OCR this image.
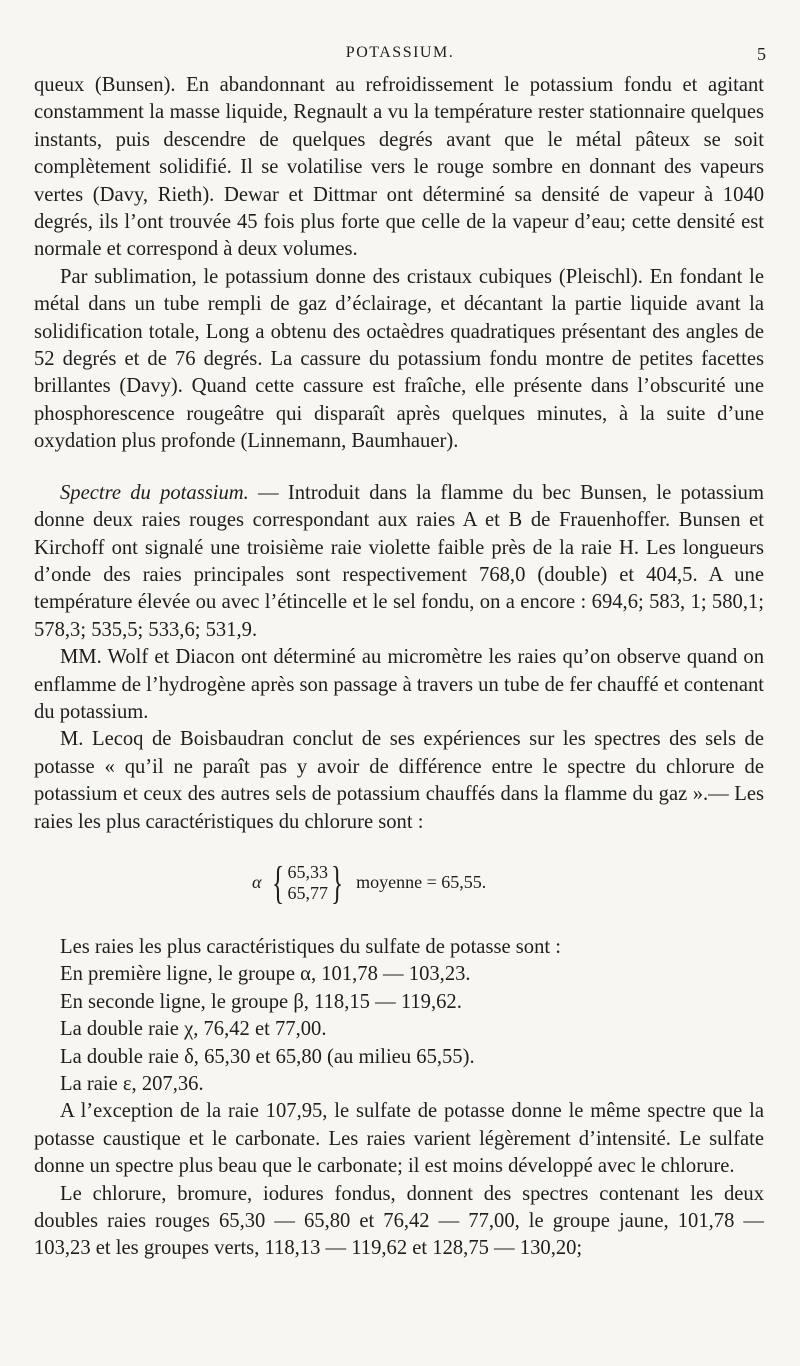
POTASSIUM.	5

queux (Bunsen). En abandonnant au refroidissement le potassium fondu et agitant constamment la masse liquide, Regnault a vu la température rester stationnaire quelques instants, puis descendre de quelques degrés avant que le métal pâteux se soit complètement solidifié. Il se volatilise vers le rouge sombre en donnant des vapeurs vertes (Davy, Rieth). Dewar et Dittmar ont déterminé sa densité de vapeur à 1040 degrés, ils l’ont trouvée 45 fois plus forte que celle de la vapeur d’eau; cette densité est normale et correspond à deux volumes.

Par sublimation, le potassium donne des cristaux cubiques (Pleischl). En fondant le métal dans un tube rempli de gaz d’éclairage, et décantant la partie liquide avant la solidification totale, Long a obtenu des octaèdres quadratiques présentant des angles de 52 degrés et de 76 degrés. La cassure du potassium fondu montre de petites facettes brillantes (Davy). Quand cette cassure est fraîche, elle présente dans l’obscurité une phosphorescence rougeâtre qui disparaît après quelques minutes, à la suite d’une oxydation plus profonde (Linnemann, Baumhauer).

Spectre du potassium. — Introduit dans la flamme du bec Bunsen, le potassium donne deux raies rouges correspondant aux raies A et B de Frauenhoffer. Bunsen et Kirchoff ont signalé une troisième raie violette faible près de la raie H. Les longueurs d’onde des raies principales sont respectivement 768,0 (double) et 404,5. A une température élevée ou avec l’étincelle et le sel fondu, on a encore : 694,6; 583, 1; 580,1; 578,3; 535,5; 533,6; 531,9.

MM. Wolf et Diacon ont déterminé au micromètre les raies qu’on observe quand on enflamme de l’hydrogène après son passage à travers un tube de fer chauffé et contenant du potassium.

M. Lecoq de Boisbaudran conclut de ses expériences sur les spectres des sels de potasse « qu’il ne paraît pas y avoir de différence entre le spectre du chlorure de potassium et ceux des autres sels de potassium chauffés dans la flamme du gaz ».— Les raies les plus caractéristiques du chlorure sont :

α { 65,33
65,77 } moyenne = 65,55.

Les raies les plus caractéristiques du sulfate de potasse sont :

En première ligne, le groupe α, 101,78 — 103,23.

En seconde ligne, le groupe β, 118,15 — 119,62.

La double raie χ, 76,42 et 77,00.

La double raie δ, 65,30 et 65,80 (au milieu 65,55).

La raie ε, 207,36.

A l’exception de la raie 107,95, le sulfate de potasse donne le même spectre que la potasse caustique et le carbonate. Les raies varient légèrement d’intensité. Le sulfate donne un spectre plus beau que le carbonate; il est moins développé avec le chlorure.

Le chlorure, bromure, iodures fondus, donnent des spectres contenant les deux doubles raies rouges 65,30 — 65,80 et 76,42 — 77,00, le groupe jaune, 101,78 — 103,23 et les groupes verts, 118,13 — 119,62 et 128,75 — 130,20;
